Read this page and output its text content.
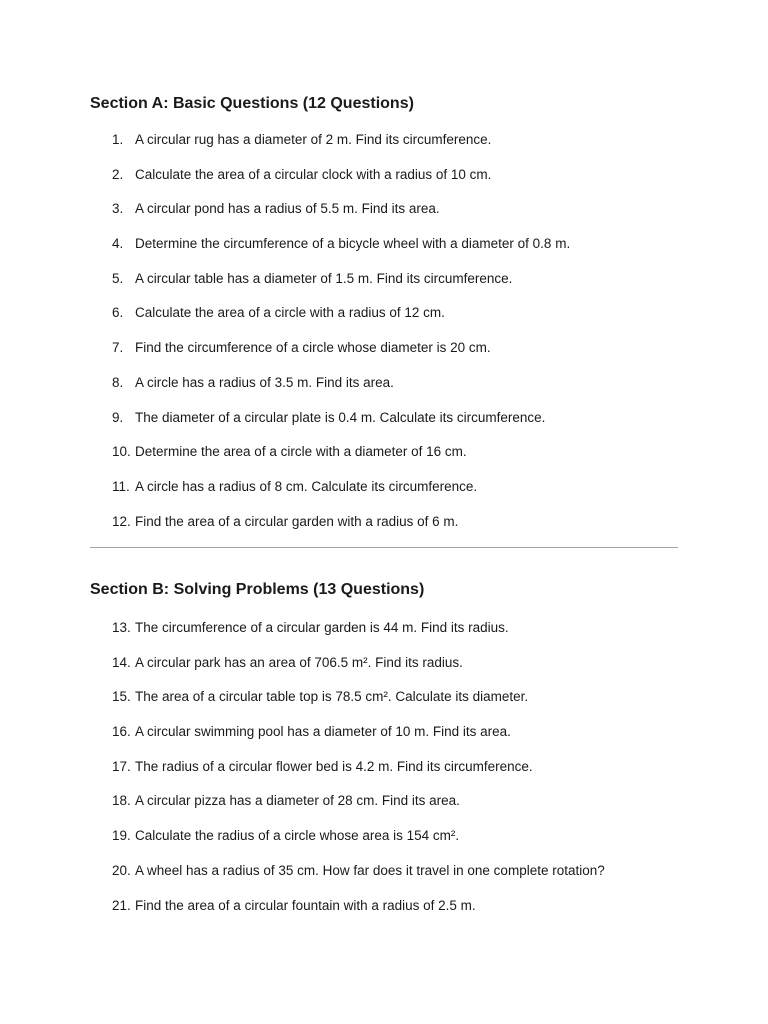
Section A: Basic Questions (12 Questions)
1. A circular rug has a diameter of 2 m. Find its circumference.
2. Calculate the area of a circular clock with a radius of 10 cm.
3. A circular pond has a radius of 5.5 m. Find its area.
4. Determine the circumference of a bicycle wheel with a diameter of 0.8 m.
5. A circular table has a diameter of 1.5 m. Find its circumference.
6. Calculate the area of a circle with a radius of 12 cm.
7. Find the circumference of a circle whose diameter is 20 cm.
8. A circle has a radius of 3.5 m. Find its area.
9. The diameter of a circular plate is 0.4 m. Calculate its circumference.
10. Determine the area of a circle with a diameter of 16 cm.
11. A circle has a radius of 8 cm. Calculate its circumference.
12. Find the area of a circular garden with a radius of 6 m.
Section B: Solving Problems (13 Questions)
13. The circumference of a circular garden is 44 m. Find its radius.
14. A circular park has an area of 706.5 m². Find its radius.
15. The area of a circular table top is 78.5 cm². Calculate its diameter.
16. A circular swimming pool has a diameter of 10 m. Find its area.
17. The radius of a circular flower bed is 4.2 m. Find its circumference.
18. A circular pizza has a diameter of 28 cm. Find its area.
19. Calculate the radius of a circle whose area is 154 cm².
20. A wheel has a radius of 35 cm. How far does it travel in one complete rotation?
21. Find the area of a circular fountain with a radius of 2.5 m.
